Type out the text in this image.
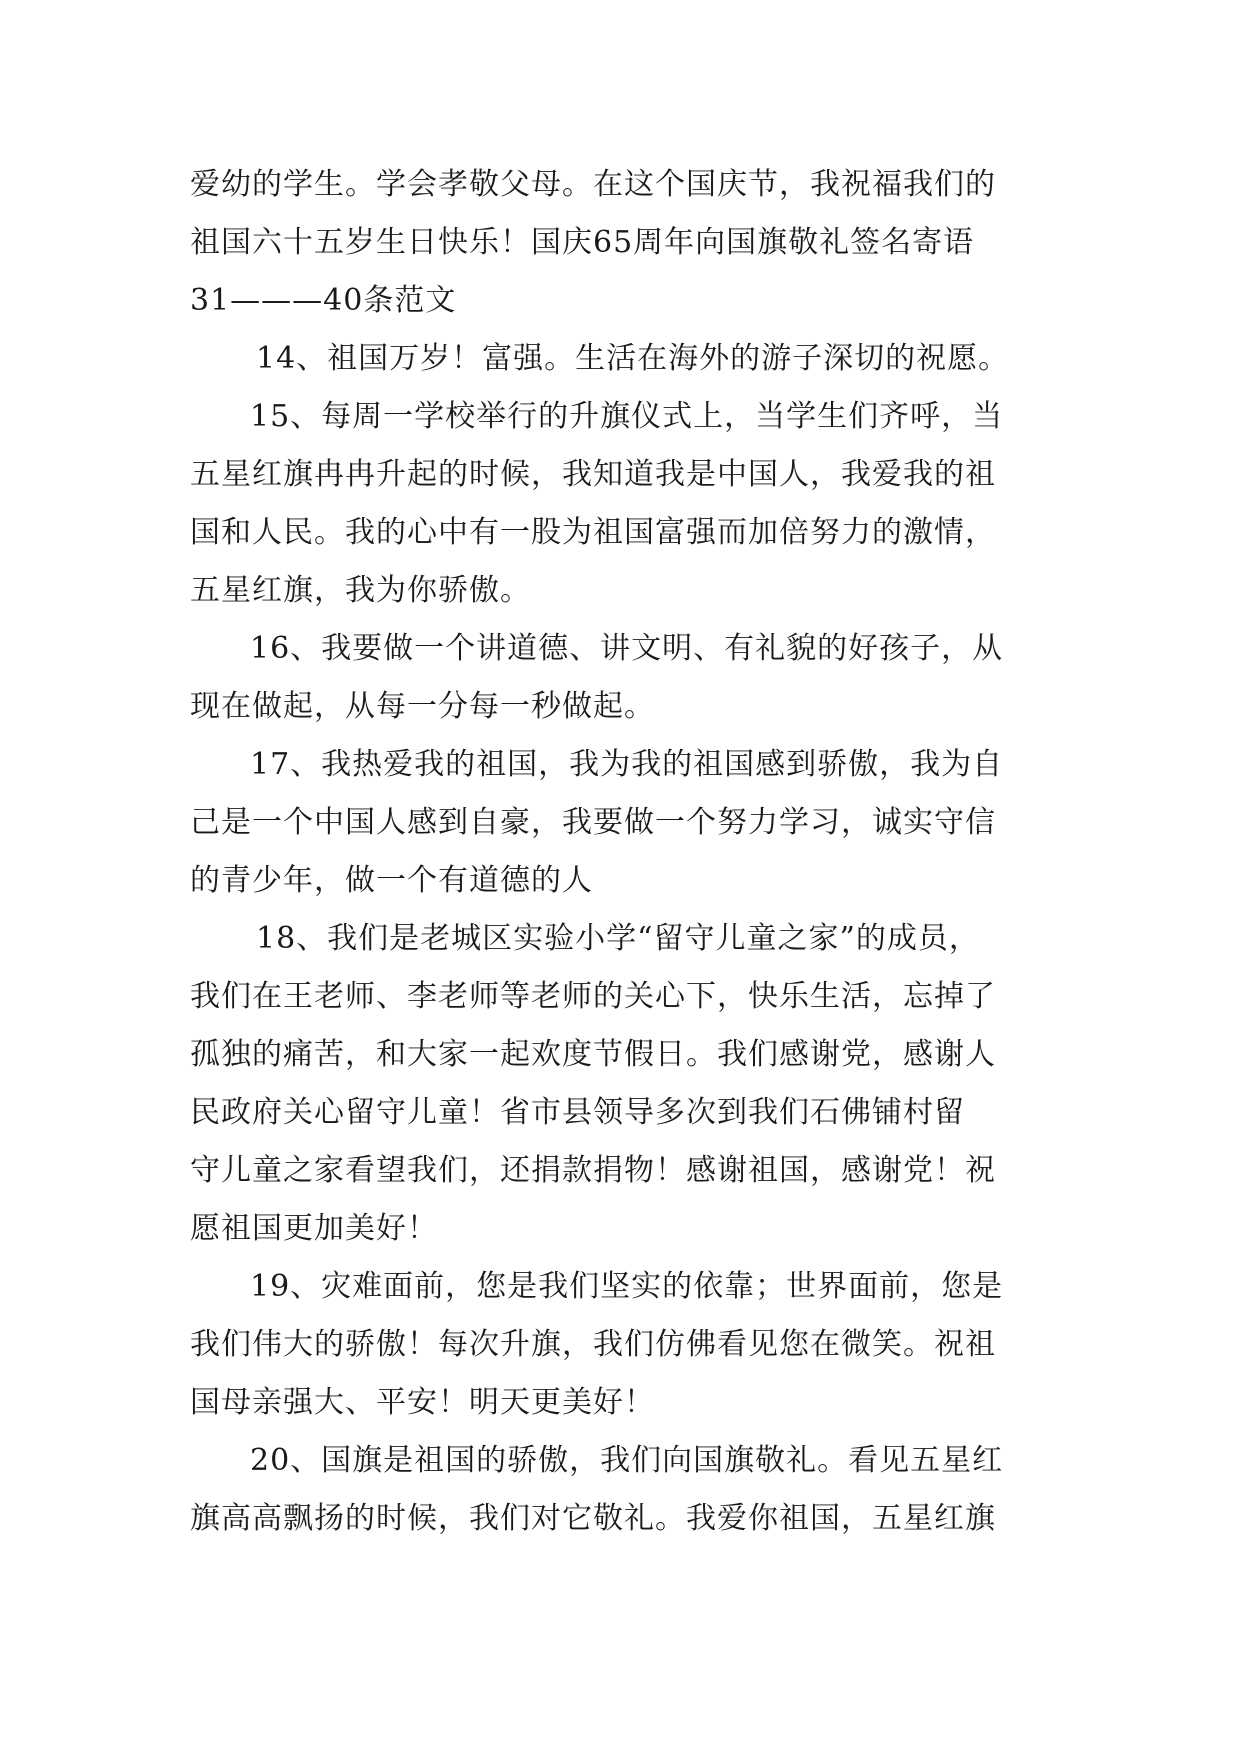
爱幼的学生。学会孝敬父母。在这个国庆节，我祝福我们的
祖国六十五岁生日快乐！国庆65周年向国旗敬礼签名寄语
31———40条范文
14、祖国万岁！富强。生活在海外的游子深切的祝愿。
15、每周一学校举行的升旗仪式上，当学生们齐呼，当
五星红旗冉冉升起的时候，我知道我是中国人，我爱我的祖
国和人民。我的心中有一股为祖国富强而加倍努力的激情，
五星红旗，我为你骄傲。
16、我要做一个讲道德、讲文明、有礼貌的好孩子，从
现在做起，从每一分每一秒做起。
17、我热爱我的祖国，我为我的祖国感到骄傲，我为自
己是一个中国人感到自豪，我要做一个努力学习，诚实守信
的青少年，做一个有道德的人
18、我们是老城区实验小学“留守儿童之家”的成员，
我们在王老师、李老师等老师的关心下，快乐生活，忘掉了
孤独的痛苦，和大家一起欢度节假日。我们感谢党，感谢人
民政府关心留守儿童！省市县领导多次到我们石佛铺村留
守儿童之家看望我们，还捐款捐物！感谢祖国，感谢党！祝
愿祖国更加美好！
19、灾难面前，您是我们坚实的依靠；世界面前，您是
我们伟大的骄傲！每次升旗，我们仿佛看见您在微笑。祝祖
国母亲强大、平安！明天更美好！
20、国旗是祖国的骄傲，我们向国旗敬礼。看见五星红
旗高高飘扬的时候，我们对它敬礼。我爱你祖国，五星红旗
